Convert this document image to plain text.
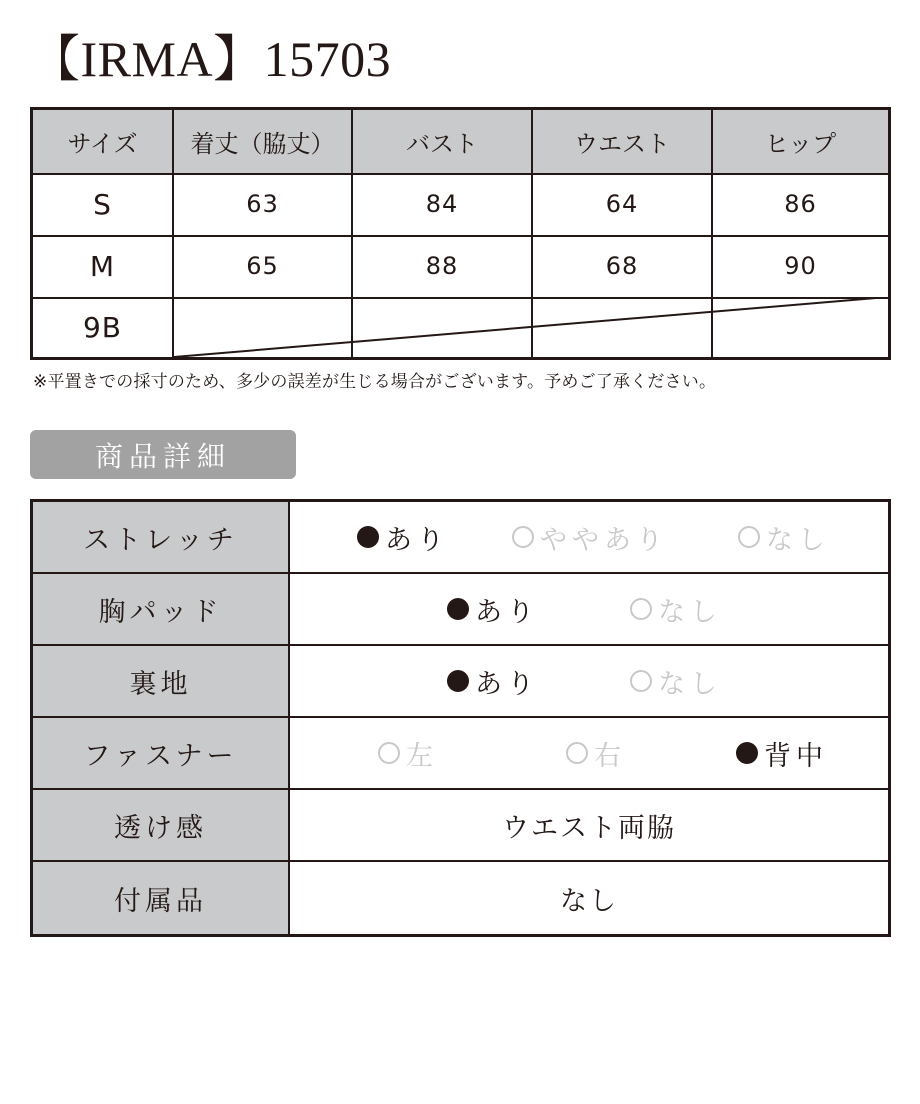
【IRMA】15703
サイズ	着丈（脇丈）	バスト	ウエスト	ヒップ
S	63	84	64	86
M	65	88	68	90
9B
※平置きでの採寸のため、多少の誤差が生じる場合がございます。予めご了承ください。
商品詳細
ストレッチ	あり	ややあり	なし
胸パッド	あり	なし
裏地	あり	なし
ファスナー	左	右	背中
透け感	ウエスト両脇
付属品	なし
